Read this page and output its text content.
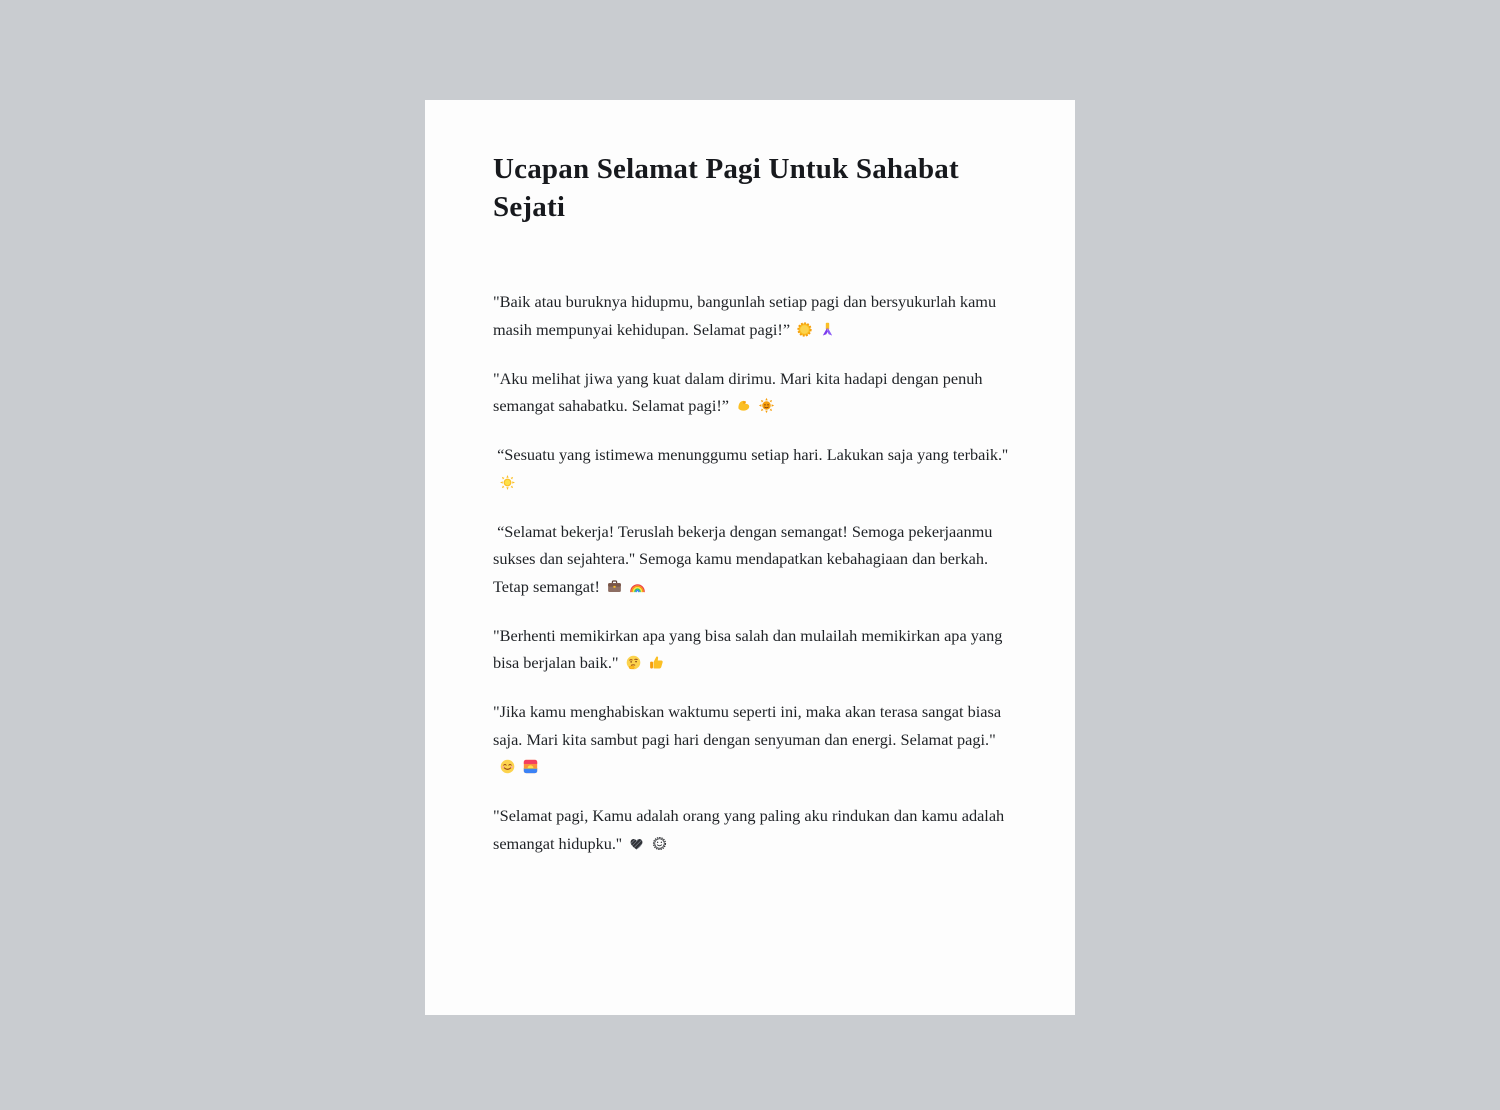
Ucapan Selamat Pagi Untuk Sahabat Sejati

"Baik atau buruknya hidupmu, bangunlah setiap pagi dan bersyukurlah kamu masih mempunyai kehidupan. Selamat pagi!”

"Aku melihat jiwa yang kuat dalam dirimu. Mari kita hadapi dengan penuh semangat sahabatku. Selamat pagi!”

“Sesuatu yang istimewa menunggumu setiap hari. Lakukan saja yang terbaik.''

“Selamat bekerja! Teruslah bekerja dengan semangat! Semoga pekerjaanmu sukses dan sejahtera.'' Semoga kamu mendapatkan kebahagiaan dan berkah. Tetap semangat!

"Berhenti memikirkan apa yang bisa salah dan mulailah memikirkan apa yang bisa berjalan baik."

"Jika kamu menghabiskan waktumu seperti ini, maka akan terasa sangat biasa saja. Mari kita sambut pagi hari dengan senyuman dan energi. Selamat pagi."

"Selamat pagi, Kamu adalah orang yang paling aku rindukan dan kamu adalah semangat hidupku.''
